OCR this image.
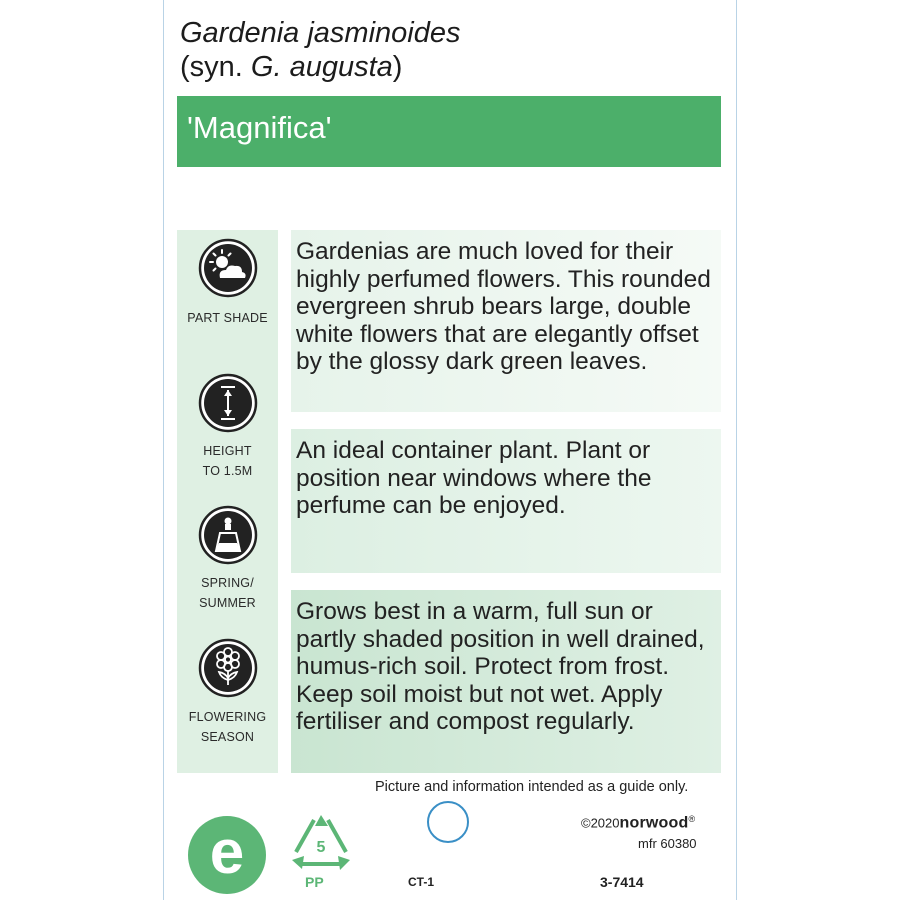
Gardenia jasminoides
(syn. G. augusta)
'Magnifica'
PART SHADE
HEIGHT
TO 1.5M
SPRING/
SUMMER
FLOWERING
SEASON

Gardenias are much loved for their highly perfumed flowers. This rounded evergreen shrub bears large, double white flowers that are elegantly offset by the glossy dark green leaves.

An ideal container plant. Plant or position near windows where the perfume can be enjoyed.

Grows best in a warm, full sun or partly shaded position in well drained, humus-rich soil. Protect from frost. Keep soil moist but not wet. Apply fertiliser and compost regularly.

Picture and information intended as a guide only.
e	5
PP	CT-1
©2020norwood®
mfr 60380
3-7414
